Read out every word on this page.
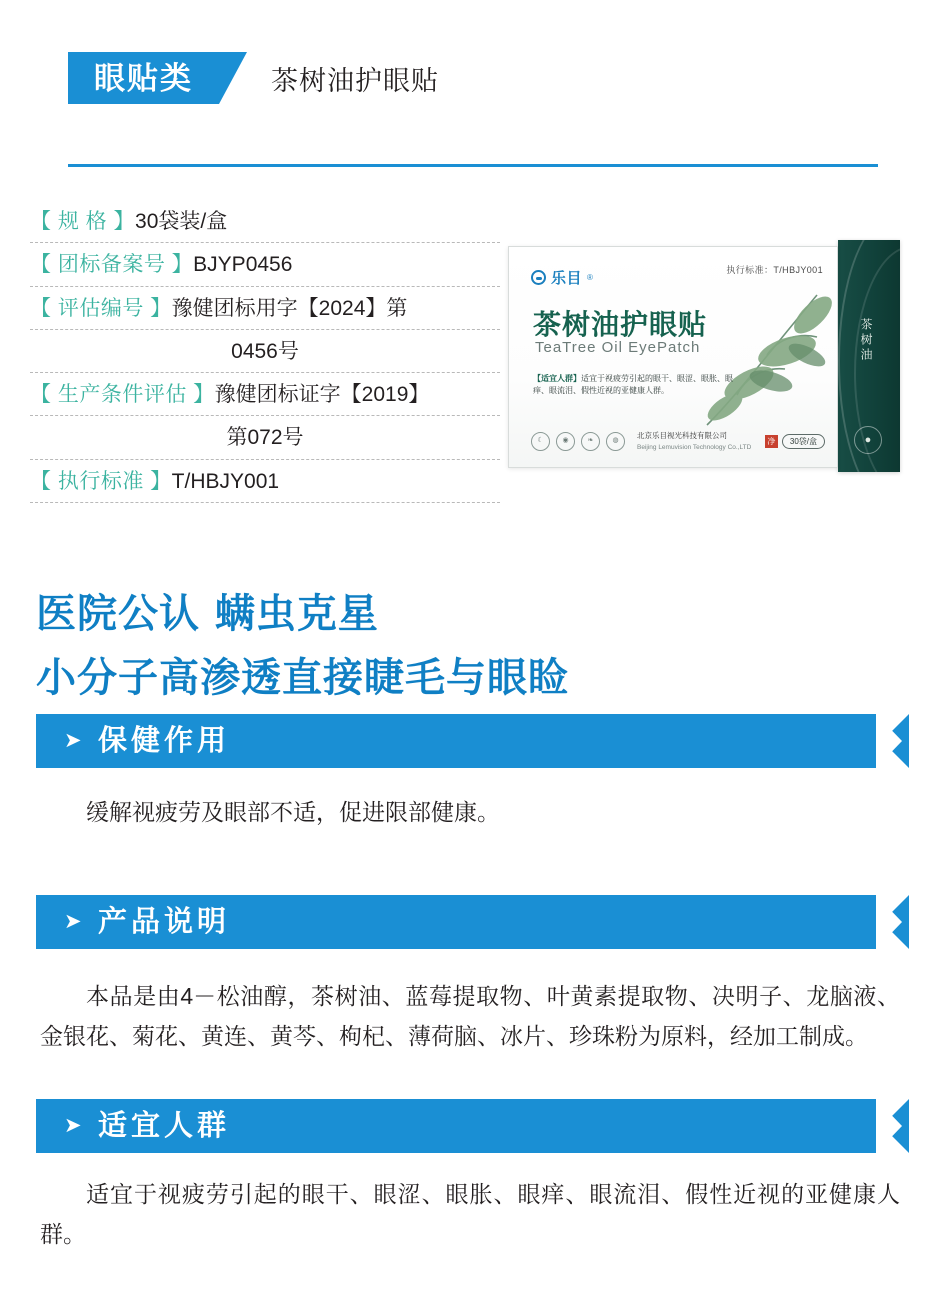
眼贴类	茶树油护眼贴
【 规 格 】30袋装/盒
【 团标备案号 】BJYP0456
【 评估编号 】豫健团标用字【2024】第
0456号
【 生产条件评估 】豫健团标证字【2019】
第072号
【 执行标准 】T/HBJY001
茶树油
●
乐目 ®
执行标准：T/HBJY001
茶树油护眼贴
TeaTree Oil EyePatch
【适宜人群】适宜于视疲劳引起的眼干、眼涩、眼胀、眼痒、眼流泪、假性近视的亚健康人群。
☾	◉	❧	◍
北京乐目视光科技有限公司
Beijing Lemuvision Technology Co.,LTD
净	30袋/盒
医院公认 螨虫克星
小分子高渗透直接睫毛与眼睑
➤ 保健作用
缓解视疲劳及眼部不适，促进限部健康。
➤ 产品说明
本品是由4－松油醇，茶树油、蓝莓提取物、叶黄素提取物、决明子、龙脑液、金银花、菊花、黄连、黄芩、枸杞、薄荷脑、冰片、珍珠粉为原料，经加工制成。
➤ 适宜人群
适宜于视疲劳引起的眼干、眼涩、眼胀、眼痒、眼流泪、假性近视的亚健康人群。
